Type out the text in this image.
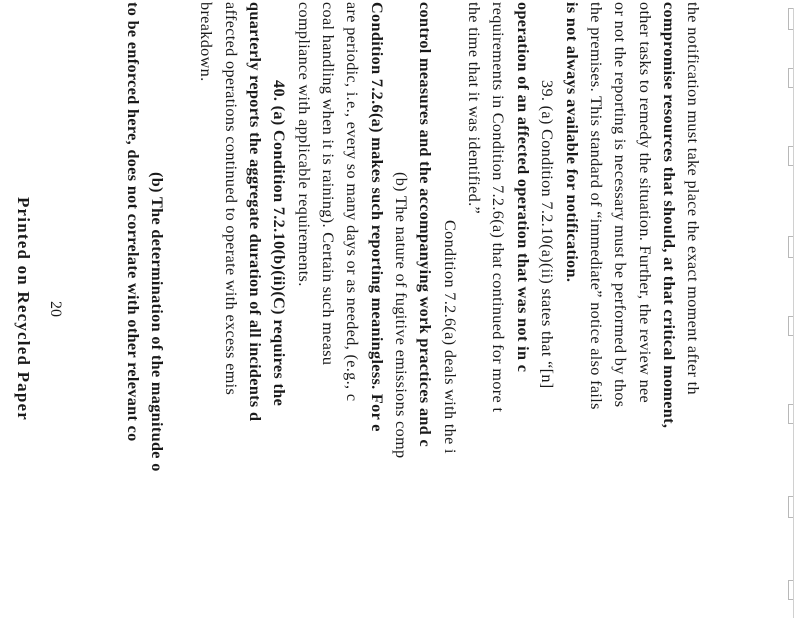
the notification must take place the exact moment after th
compromise resources that should, at that critical moment,
other tasks to remedy the situation. Further, the review nee
or not the reporting is necessary must be performed by thos
the premises. This standard of “immediate” notice also fails
is not always available for notification.
39. (a) Condition 7.2.10(a)(ii) states that “[n]
operation of an affected operation that was not in c
requirements in Condition 7.2.6(a) that continued for more t
the time that it was identified.”
Condition 7.2.6(a) deals with the i
control measures and the accompanying work practices and c
(b) The nature of fugitive emissions comp
Condition 7.2.6(a) makes such reporting meaningless. For e
are periodic, i.e., every so many days or as needed, (e.g., c
coal handling when it is raining). Certain such measu
compliance with applicable requirements.
40. (a) Condition 7.2.10(b)(ii)(C) requires the
quarterly reports the aggregate duration of all incidents d
affected operations continued to operate with excess emis
breakdown.
(b) The determination of the magnitude o
to be enforced here, does not correlate with other relevant co
20
Printed on Recycled Paper
